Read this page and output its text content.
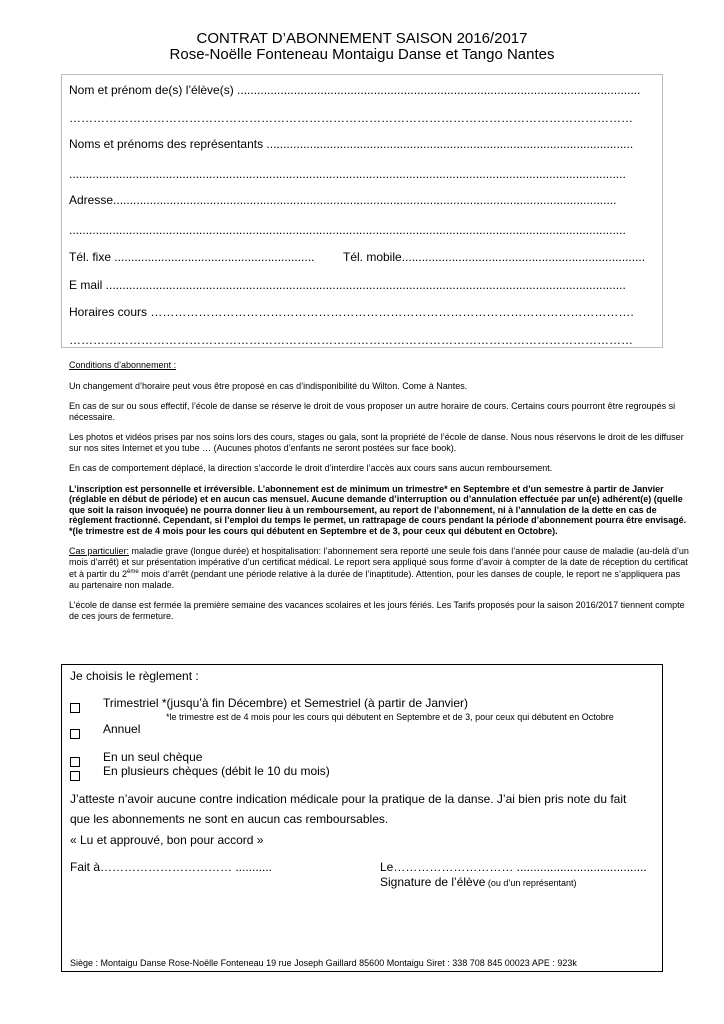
CONTRAT D’ABONNEMENT SAISON 2016/2017
Rose-Noëlle Fonteneau Montaigu Danse et Tango Nantes
Nom et prénom de(s) l’élève(s) .........................................................................................................................
……………………………………………………………………………………………………………………………
Noms et prénoms des représentants ..............................................................................................................
.......................................................................................................................................................................
Adresse.......................................................................................................................................................
.......................................................................................................................................................................
Tél. fixe ............................................................	Tél. mobile.........................................................................
E mail ............................................................................................................................................................
Horaires cours ………………………………………………………………………………………………………….
……………………………………………………………………………………………………………………………

Conditions d’abonnement :

Un changement d’horaire peut vous être proposé en cas d’indisponibilité du Wilton. Come à Nantes.

En cas de sur ou sous effectif, l’école de danse se réserve le droit de vous proposer un autre horaire de cours. Certains cours pourront être regroupés si nécessaire.

Les photos et vidéos prises par nos soins lors des cours, stages ou gala, sont la propriété de l’école de danse. Nous nous réservons le droit de les diffuser sur nos sites Internet et you tube … (Aucunes photos d’enfants ne seront postées sur face book).

En cas de comportement déplacé, la direction s’accorde le droit d’interdire l’accès aux cours sans aucun remboursement.

L’inscription est personnelle et irréversible. L’abonnement est de minimum un trimestre* en Septembre et d’un semestre à partir de Janvier (réglable en début de période) et en aucun cas mensuel. Aucune demande d’interruption ou d’annulation effectuée par un(e) adhérent(e) (quelle que soit la raison invoquée) ne pourra donner lieu à un remboursement, au report de l’abonnement, ni à l’annulation de la dette en cas de règlement fractionné. Cependant, si l’emploi du temps le permet, un rattrapage de cours pendant la période d’abonnement pourra être envisagé.
*(le trimestre est de 4 mois pour les cours qui débutent en Septembre et de 3, pour ceux qui débutent en Octobre).

Cas particulier: maladie grave (longue durée) et hospitalisation: l’abonnement sera reporté une seule fois dans l’année pour cause de maladie (au-delà d’un mois d’arrêt) et sur présentation impérative d’un certificat médical. Le report sera appliqué sous forme d’avoir à compter de la date de réception du certificat et à partir du 2ème mois d’arrêt (pendant une période relative à la durée de l’inaptitude). Attention, pour les danses de couple, le report ne s’appliquera pas au partenaire non malade.

L’école de danse est fermée la première semaine des vacances scolaires et les jours fériés. Les Tarifs proposés pour la saison 2016/2017 tiennent compte de ces jours de fermeture.

Je choisis le règlement :
Trimestriel *(jusqu’à fin Décembre) et Semestriel (à partir de Janvier)
*le trimestre est de 4 mois pour les cours qui débutent en Septembre et de 3, pour ceux qui débutent en Octobre
Annuel
En un seul chèque
En plusieurs chèques (débit le 10 du mois)
J’atteste n’avoir aucune contre indication médicale pour la pratique de la danse. J’ai bien pris note du fait
que les abonnements ne sont en aucun cas remboursables.
« Lu et approuvé, bon pour accord »
Fait à…………………………… ...........	Le………………………… .......................................
Signature de l’élève (ou d’un représentant)
Siège : Montaigu Danse Rose-Noëlle Fonteneau 19 rue Joseph Gaillard 85600 Montaigu Siret : 338 708 845 00023 APE : 923k
